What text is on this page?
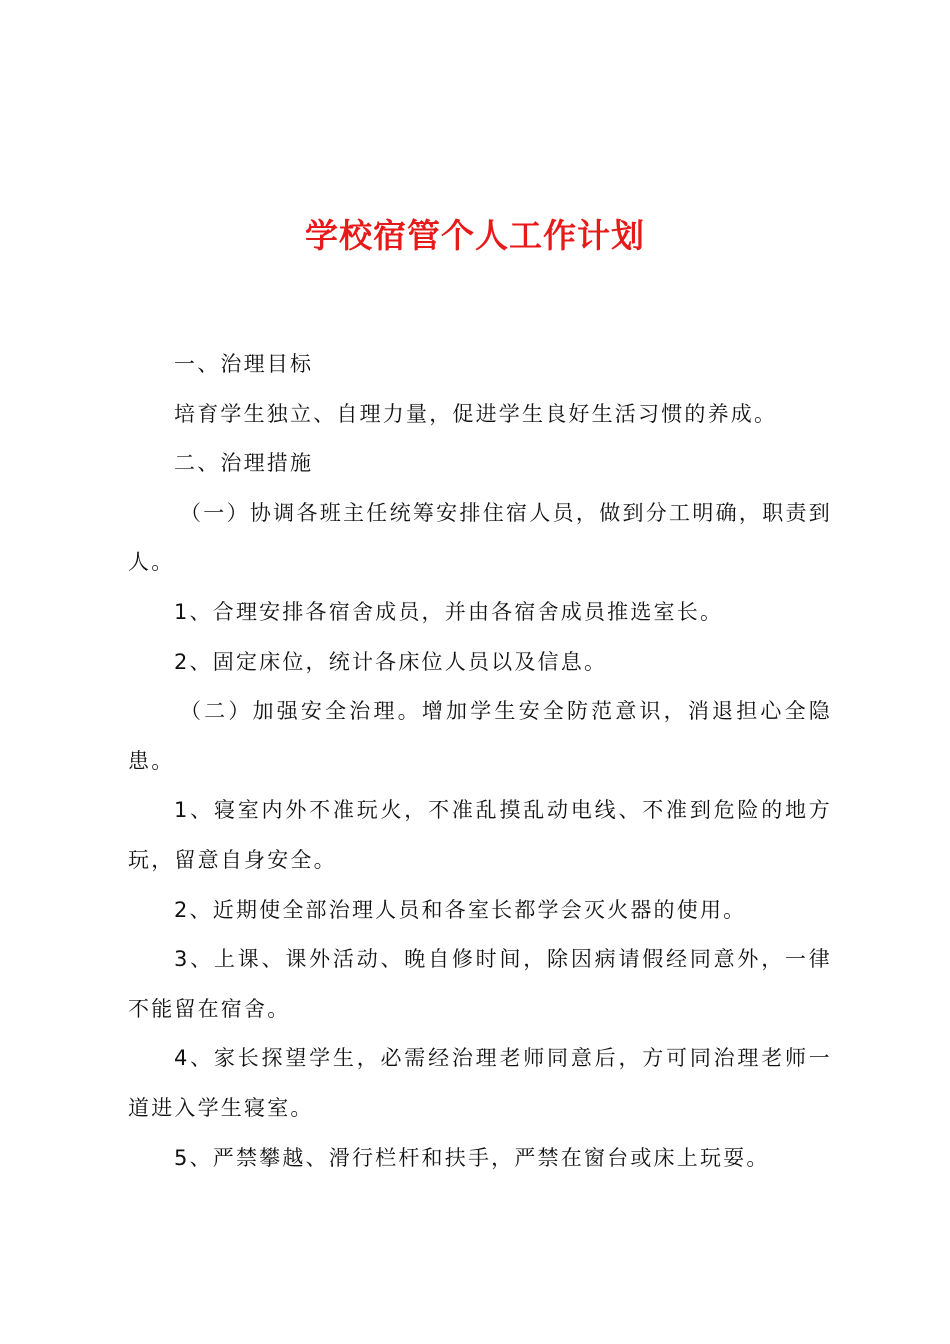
学校宿管个人工作计划

一、治理目标

培育学生独立、自理力量，促进学生良好生活习惯的养成。

二、治理措施

（一）协调各班主任统筹安排住宿人员，做到分工明确，职责到人。

1、合理安排各宿舍成员，并由各宿舍成员推选室长。

2、固定床位，统计各床位人员以及信息。

（二）加强安全治理。增加学生安全防范意识，消退担心全隐患。

1、寝室内外不准玩火，不准乱摸乱动电线、不准到危险的地方玩，留意自身安全。

2、近期使全部治理人员和各室长都学会灭火器的使用。

3、上课、课外活动、晚自修时间，除因病请假经同意外，一律不能留在宿舍。

4、家长探望学生，必需经治理老师同意后，方可同治理老师一道进入学生寝室。

5、严禁攀越、滑行栏杆和扶手，严禁在窗台或床上玩耍。
